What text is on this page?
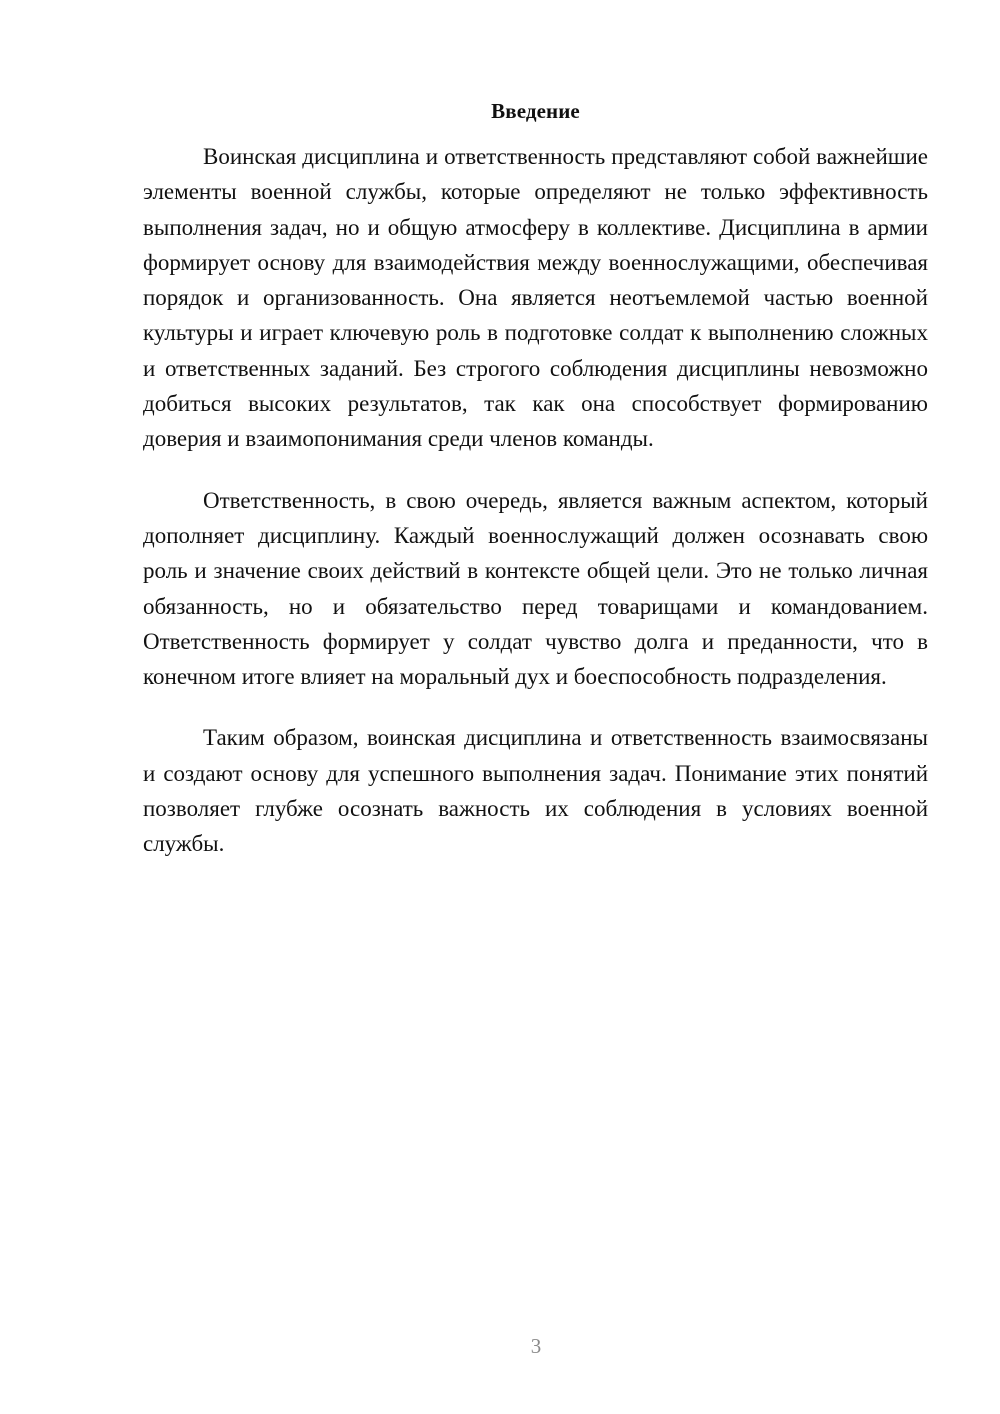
Введение

Воинская дисциплина и ответственность представляют собой важнейшие элементы военной службы, которые определяют не только эффективность выполнения задач, но и общую атмосферу в коллективе. Дисциплина в армии формирует основу для взаимодействия между военнослужащими, обеспечивая порядок и организованность. Она является неотъемлемой частью военной культуры и играет ключевую роль в подготовке солдат к выполнению сложных и ответственных заданий. Без строгого соблюдения дисциплины невозможно добиться высоких результатов, так как она способствует формированию доверия и взаимопонимания среди членов команды.

Ответственность, в свою очередь, является важным аспектом, который дополняет дисциплину. Каждый военнослужащий должен осознавать свою роль и значение своих действий в контексте общей цели. Это не только личная обязанность, но и обязательство перед товарищами и командованием. Ответственность формирует у солдат чувство долга и преданности, что в конечном итоге влияет на моральный дух и боеспособность подразделения.

Таким образом, воинская дисциплина и ответственность взаимосвязаны и создают основу для успешного выполнения задач. Понимание этих понятий позволяет глубже осознать важность их соблюдения в условиях военной службы.

3
